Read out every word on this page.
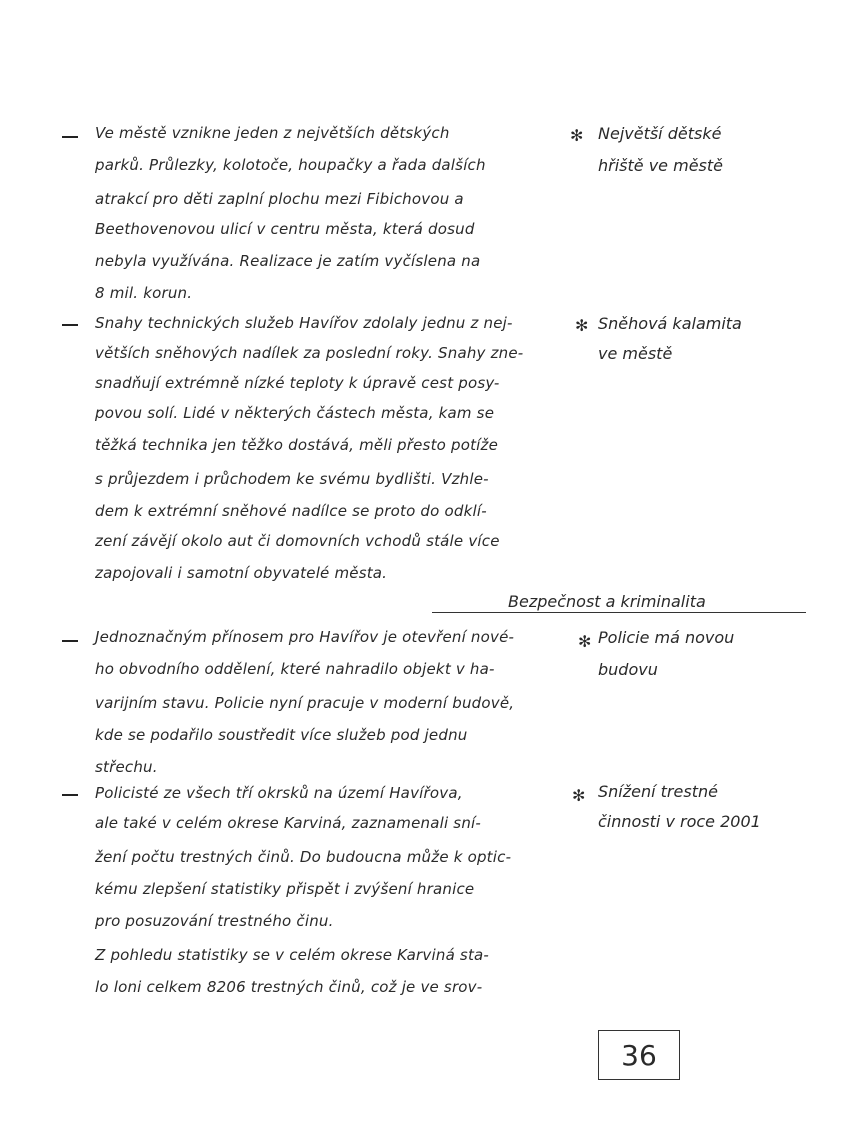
Ve městě vznikne jeden z největších dětských
parků. Průlezky, kolotoče, houpačky a řada dalších
atrakcí pro děti zaplní plochu mezi Fibichovou a
Beethovenovou ulicí v centru města, která dosud
nebyla využívána. Realizace je zatím vyčíslena na
8 mil. korun.
✻ Největší dětské
hřiště ve městě
Snahy technických služeb Havířov zdolaly jednu z nej-
větších sněhových nadílek za poslední roky. Snahy zne-
snadňují extrémně nízké teploty k úpravě cest posy-
povou solí. Lidé v některých částech města, kam se
těžká technika jen těžko dostává, měli přesto potíže
s průjezdem i průchodem ke svému bydlišti. Vzhle-
dem k extrémní sněhové nadílce se proto do odklí-
zení závějí okolo aut či domovních vchodů stále více
zapojovali i samotní obyvatelé města.
✻ Sněhová kalamita
ve městě
Bezpečnost a kriminalita
Jednoznačným přínosem pro Havířov je otevření nové-
ho obvodního oddělení, které nahradilo objekt v ha-
varijním stavu. Policie nyní pracuje v moderní budově,
kde se podařilo soustředit více služeb pod jednu
střechu.
✻ Policie má novou
budovu
Policisté ze všech tří okrsků na území Havířova,
ale také v celém okrese Karviná, zaznamenali sní-
žení počtu trestných činů. Do budoucna může k optic-
kému zlepšení statistiky přispět i zvýšení hranice
pro posuzování trestného činu.
Z pohledu statistiky se v celém okrese Karviná sta-
lo loni celkem 8206 trestných činů, což je ve srov-
✻ Snížení trestné
činnosti v roce 2001
36
